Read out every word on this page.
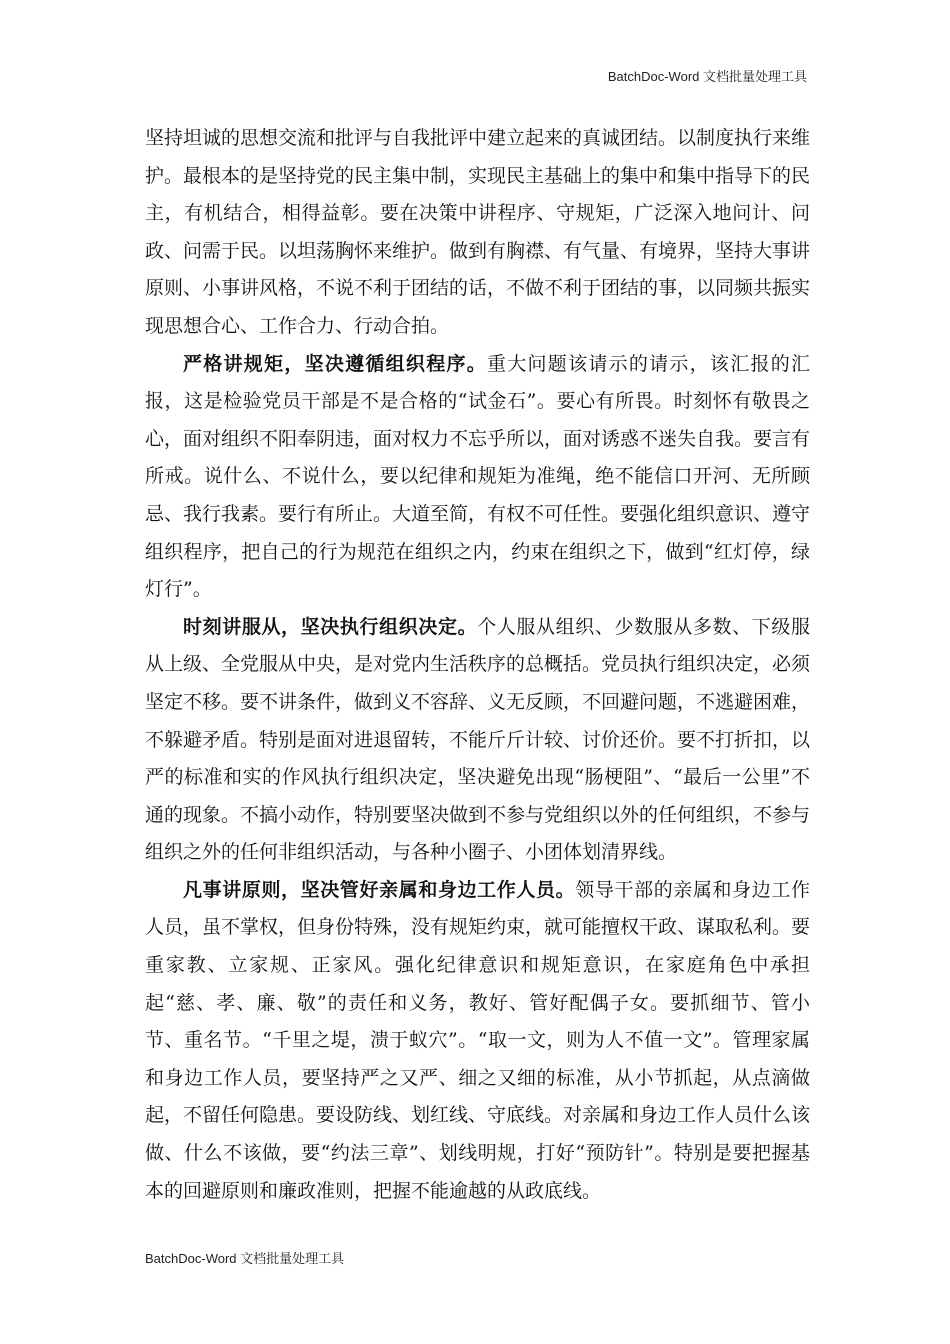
BatchDoc-Word 文档批量处理工具

坚持坦诚的思想交流和批评与自我批评中建立起来的真诚团结。以制度执行来维护。最根本的是坚持党的民主集中制，实现民主基础上的集中和集中指导下的民主，有机结合，相得益彰。要在决策中讲程序、守规矩，广泛深入地问计、问政、问需于民。以坦荡胸怀来维护。做到有胸襟、有气量、有境界，坚持大事讲原则、小事讲风格，不说不利于团结的话，不做不利于团结的事，以同频共振实现思想合心、工作合力、行动合拍。

严格讲规矩，坚决遵循组织程序。重大问题该请示的请示，该汇报的汇报，这是检验党员干部是不是合格的“试金石”。要心有所畏。时刻怀有敬畏之心，面对组织不阳奉阴违，面对权力不忘乎所以，面对诱惑不迷失自我。要言有所戒。说什么、不说什么，要以纪律和规矩为准绳，绝不能信口开河、无所顾忌、我行我素。要行有所止。大道至简，有权不可任性。要强化组织意识、遵守组织程序，把自己的行为规范在组织之内，约束在组织之下，做到“红灯停，绿灯行”。

时刻讲服从，坚决执行组织决定。个人服从组织、少数服从多数、下级服从上级、全党服从中央，是对党内生活秩序的总概括。党员执行组织决定，必须坚定不移。要不讲条件，做到义不容辞、义无反顾，不回避问题，不逃避困难，不躲避矛盾。特别是面对进退留转，不能斤斤计较、讨价还价。要不打折扣，以严的标准和实的作风执行组织决定，坚决避免出现“肠梗阻”、“最后一公里”不通的现象。不搞小动作，特别要坚决做到不参与党组织以外的任何组织，不参与组织之外的任何非组织活动，与各种小圈子、小团体划清界线。

凡事讲原则，坚决管好亲属和身边工作人员。领导干部的亲属和身边工作人员，虽不掌权，但身份特殊，没有规矩约束，就可能擅权干政、谋取私利。要重家教、立家规、正家风。强化纪律意识和规矩意识，在家庭角色中承担起“慈、孝、廉、敬”的责任和义务，教好、管好配偶子女。要抓细节、管小节、重名节。“千里之堤，溃于蚁穴”。“取一文，则为人不值一文”。管理家属和身边工作人员，要坚持严之又严、细之又细的标准，从小节抓起，从点滴做起，不留任何隐患。要设防线、划红线、守底线。对亲属和身边工作人员什么该做、什么不该做，要“约法三章”、划线明规，打好“预防针”。特别是要把握基本的回避原则和廉政准则，把握不能逾越的从政底线。

BatchDoc-Word 文档批量处理工具
